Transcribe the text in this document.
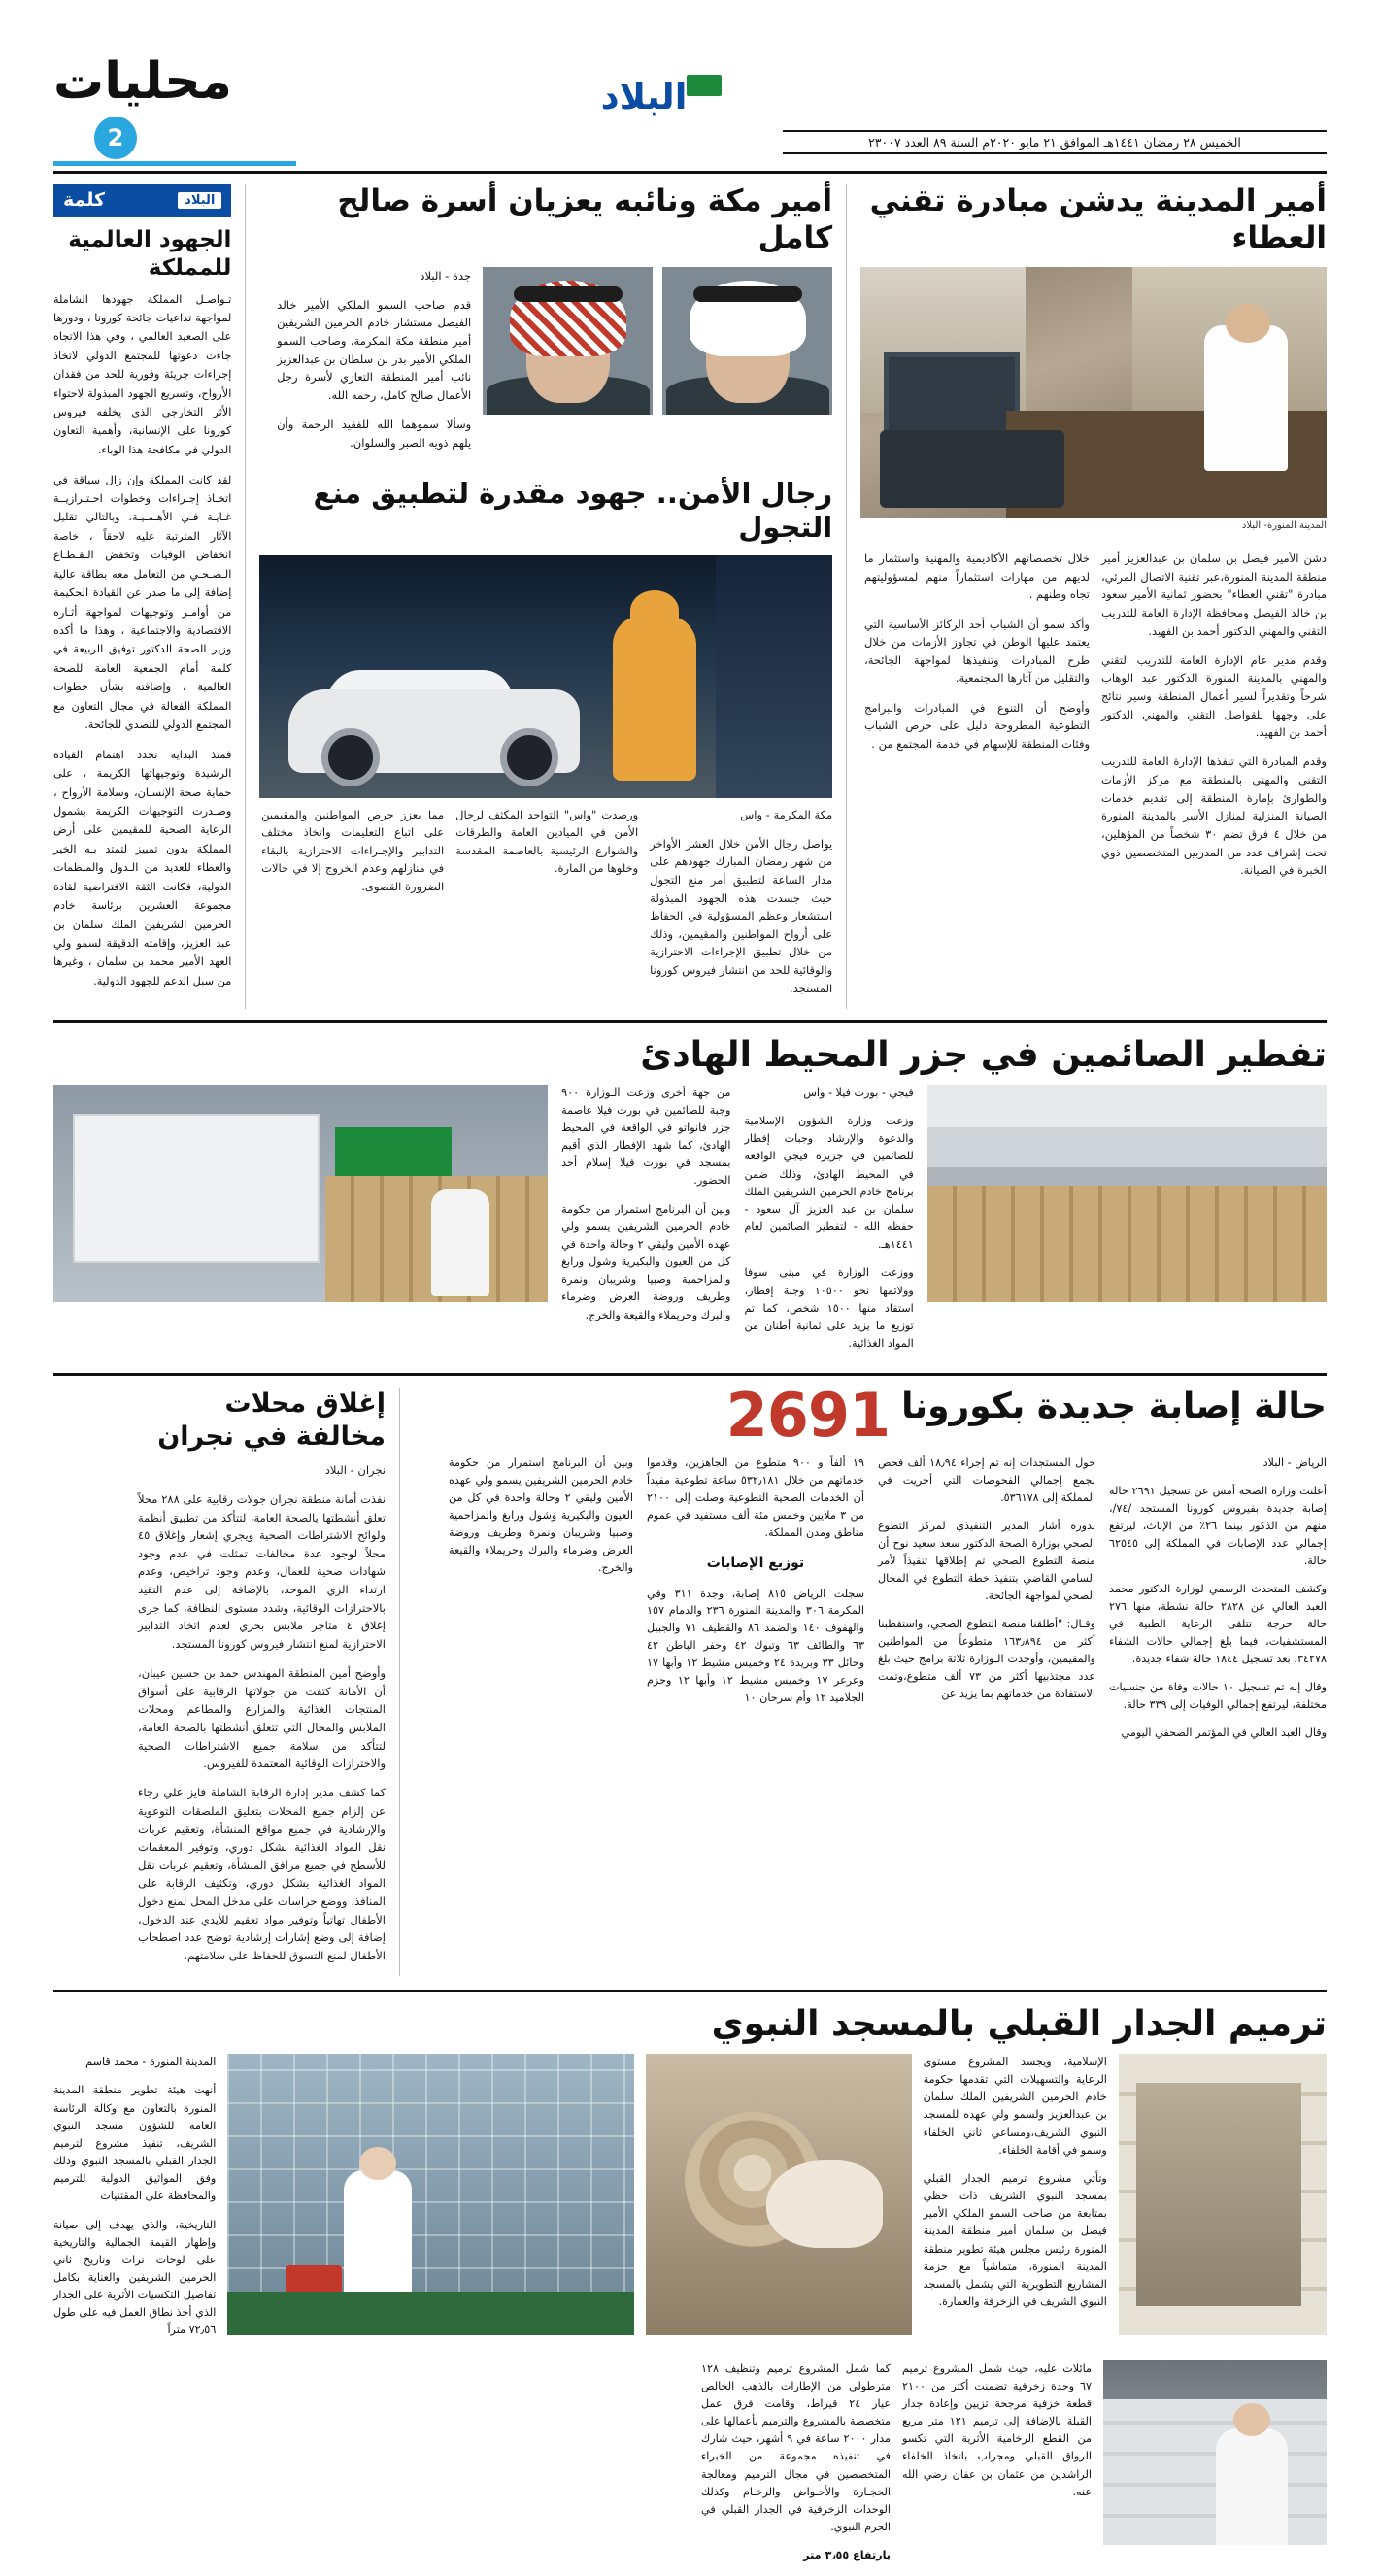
البلاد
محليات
2	الخميس ٢٨ رمضان ١٤٤١هـ الموافق ٢١ مايو ٢٠٢٠م السنة ٨٩ العدد ٢٣٠٠٧
أمير المدينة يدشن مبادرة تقني العطاء
المدينة المنورة- البلاد

دشن الأمير فيصل بن سلمان بن عبدالعزيز أمير منطقة المدينة المنورة،عبر تقنية الاتصال المرئي، مبادرة "تقني العطاء" بحضور ثمانية الأمير سعود بن خالد الفيصل ومحافظة الإدارة العامة للتدريب التقني والمهني الدكتور أحمد بن الفهيد.

وقدم مدير عام الإدارة العامة للتدريب التقني والمهني بالمدينة المنورة الدكتور عبد الوهاب شرحاً وتقديراً لسير أعمال المنطقة وسير نتائج على وجهها للقواصل التقني والمهني الدكتور أحمد بن الفهيد.

وقدم المبادرة التي تنفذها الإدارة العامة للتدريب التقني والمهني بالمنطقة مع مركز الأزمات والطوارئ بإمارة المنطقة إلى تقديم خدمات الصيانة المنزلية لمنازل الأسر بالمدينة المنورة من خلال ٤ فرق تضم ٣٠ شخصاً من المؤهلين، تحت إشراف عدد من المدربين المتخصصين ذوي الخبرة في الصيانة.

خلال تخصصاتهم الأكاديمية والمهنية واستثمار ما لديهم من مهارات استثماراً منهم لمسؤوليتهم تجاه وطنهم .

وأكد سمو أن الشباب أحد الركائز الأساسية التي يعتمد عليها الوطن في تجاوز الأزمات من خلال طرح المبادرات وتنفيذها لمواجهة الجائحة، والتقليل من آثارها المجتمعية.

وأوضح أن التنوع في المبادرات والبرامج التطوعية المطروحة دليل على حرص الشباب وفئات المنطقة للإسهام في خدمة المجتمع من .

أمير مكة ونائبه يعزيان أسرة صالح كامل

جدة - البلاد

قدم صاحب السمو الملكي الأمير خالد الفيصل مستشار خادم الحرمين الشريفين أمير منطقة مكة المكرمة، وصاحب السمو الملكي الأمير بدر بن سلطان بن عبدالعزيز نائب أمير المنطقة التعازي لأسرة رجل الأعمال صالح كامل، رحمه الله.

وسألا سموهما الله للفقيد الرحمة وأن يلهم ذويه الصبر والسلوان.

رجال الأمن.. جهود مقدرة لتطبيق منع التجول

مكة المكرمة - واس

يواصل رجال الأمن خلال العشر الأواخر من شهر رمضان المبارك جهودهم على مدار الساعة لتطبيق أمر منع التجول حيث جسدت هذه الجهود المبذولة استشعار وعظم المسؤولية في الحفاظ على أرواح المواطنين والمقيمين، وذلك من خلال تطبيق الإجراءات الاحترازية والوقائية للحد من انتشار فيروس كورونا المستجد.

ورصدت "واس" التواجد المكثف لرجال الأمن في الميادين العامة والطرقات والشوارع الرئيسية بالعاصمة المقدسة وخلوها من المارة.

مما يعزز حرص المواطنين والمقيمين على اتباع التعليمات واتخاذ مختلف التدابير والإجـراءات الاحترازية بالبقاء في منازلهم وعدم الخروج إلا في حالات الضرورة القصوى.

البلاد
كلمة
الجهود العالمية للمملكة

تـواصـل المملكة جهودها الشاملة لمواجهة تداعيات جائحة كورونا ، ودورها على الصعيد العالمي ، وفي هذا الاتجاه جاءت دعوتها للمجتمع الدولي لاتخاذ إجراءات جريئة وفورية للحد من فقدان الأرواح، وتسريع الجهود المبذولة لاحتواء الأثر التخارجي الذي يخلفه فيروس كورونا على الإنسانية، وأهمية التعاون الدولي في مكافحة هذا الوباء.

لقد كانت المملكة وإن زال سباقة في اتخـاذ إجـراءات وخطوات احـتـرازيــة غـايـة فـي الأهـمـيـة، وبالتالي تقليل الآثار المترتبة عليه لاحقاً ، خاصة انخفاض الوفيات وتخفض الـقـطـاع الـصـحـي من التعامل معه بطاقة عالية إضافة إلى ما صدر عن القيادة الحكيمة من أوامـر وتوجيهات لمواجهة أثـاره الاقتصادية والاجتماعية ، وهذا ما أكده وزير الصحة الدكتور توفيق الربيعة في كلمة أمام الجمعية العامة للصحة العالمية ، وإضافته بشأن خطوات المملكة الفعالة في مجال التعاون مع المجتمع الدولي للتصدي للجائحة.

فمنذ البداية تجدد اهتمام القيادة الرشيدة وتوجيهاتها الكريمة ، على حماية صحة الإنسـان، وسلامة الأرواح ، وصـدرت التوجيهات الكريمة بشمول الرعاية الصحية للمقيمين على أرض المملكة بدون تمييز لتمتد بـه الخير والعطاء للعديد من الـدول والمنظمات الدولية، فكانت الثقة الافتراضية لقادة مجموعة العشرين برئاسة خادم الحرمين الشريفين الملك سلمان بن عبد العزيز، وإقامته الدقيقة لسمو ولي العهد الأمير محمد بن سلمان ، وغيرها من سبل الدعم للجهود الدولية.

تفطير الصائمين في جزر المحيط الهادئ

فيجي - بورت فيلا - واس

وزعت وزارة الشؤون الإسلامية والدعوة والإرشاد وجبات إفطار للصائمين في جزيرة فيجي الواقعة في المحيط الهادئ، وذلك ضمن برنامج خادم الحرمين الشريفين الملك سلمان بن عبد العزيز آل سعود - حفظه الله - لتفطير الصائمين لعام ١٤٤١هـ.

ووزعت الوزارة في مبنى سوفا وولائمها نحو ١٠٥٠٠ وجبة إفطار، استفاد منها ١٥٠٠ شخص، كما تم توزيع ما يزيد على ثمانية أطنان من المواد الغذائية.

من جهة أخرى وزعت الـوزارة ٩٠٠ وجبة للصائمين في بورت فيلا عاصمة جزر فانواتو في الواقعة في المحيط الهادئ، كما شهد الإفطار الذي أقيم بمسجد في بورت فيلا إسلام أحد الحضور.

وبين أن البرنامج استمرار من حكومة خادم الحرمين الشريفين يسمو ولي عهده الأمين وليقي ٢ وحالة واحدة في كل من العيون والبكيرية وشول ورابغ والمزاحمية وصبيا وشريبان ونمرة وطريف وروضة العرض وضرماء والبرك وحريملاء والقيعة والخرج.

حالة إصابة جديدة بكورونا
2691

الرياض - البلاد

أعلنت وزارة الصحة أمس عن تسجيل ٢٦٩١ حالة إصابة جديدة بفيروس كورونا المستجد /٧٤/، منهم من الذكور بينما ٢٦٪ من الإناث، ليرتفع إجمالي عدد الإصابات في المملكة إلى ٦٢٥٤٥ حالة.

وكشف المتحدث الرسمي لوزارة الدكتور محمد العبد العالي عن ٢٨٢٨ حالة نشطة، منها ٢٧٦ حالة حرجة تتلقى الرعاية الطبية في المستشفيات، فيما بلغ إجمالي حالات الشفاء ٣٤٢٧٨، بعد تسجيل ١٨٤٤ حالة شفاء جديدة.

وقال إنه تم تسجيل ١٠ حالات وفاة من جنسيات مختلفة، ليرتفع إجمالي الوفيات إلى ٣٣٩ حالة.

وقال العبد العالي في المؤتمر الصحفي اليومي

حول المستجدات إنه تم إجراء ١٨٫٩٤ ألف فحص لجمع إجمالي الفحوصات التي أجريت في المملكة إلى ٥٣٦١٧٨.

بدوره أشار المدير التنفيذي لمركز التطوع الصحي بوزارة الصحة الدكتور سعد سعيد نوح أن منصة التطوع الصحي تم إطلاقها تنفيذاً لأمر السامي القاضي بتنفيذ خطة التطوع في المجال الصحي لمواجهة الجائحة.

وقـال: "أطلقنا منصة التطوع الصحي، واستقطبنا أكثر من ١٦٣٫٨٩٤ متطوعاً من المواطنين والمقيمين، وأوجدت الـوزارة ثلاثة برامج حيث بلغ عدد مجتذبيها أكثر من ٧٣ ألف متطوع،وتمت الاستفادة من خدماتهم بما يزيد عن

١٩ ألفاً و ٩٠٠ متطوع من الجاهزين، وقدموا خدماتهم من خلال ٥٣٢٫١٨١ ساعة تطوعية مفيداً أن الخدمات الصحية التطوعية وصلت إلى ٢١٠٠ من ٣ ملايين وخمس مئة ألف مستفيد في عموم مناطق ومدن المملكة.

توزيع الإصابات

سجلت الرياض ٨١٥ إصابة، وجدة ٣١١ وفي المكرمة ٣٠٦ والمدينة المنورة ٢٣٦ والدمام ١٥٧ والهفوف ١٤٠ والضمد ٨٦ والقطيف ٧١ والجبيل ٦٣ والطائف ٦٣ وتبوك ٤٢ وحفر الباطن ٤٢ وحائل ٣٣ وبريدة ٢٤ وخميس مشيط ١٢ وأبها ١٧ وعرعر ١٧ وخميس مشيط ١٢ وأبها ١٢ وحزم الجلاميد ١٢ وأم سرحان ١٠

وبين أن البرنامج استمرار من حكومة خادم الحرمين الشريفين يسمو ولي عهده الأمين وليقي ٢ وحالة واحدة في كل من العيون والبكيرية وشول ورابغ والمزاحمية وصبيا وشريبان ونمرة وطريف وروضة العرض وضرماء والبرك وحريملاء والقيعة والخرج.

إغلاق محلات مخالفة في نجران

نجران - البلاد

نفذت أمانة منطقة نجران جولات رقابية على ٢٨٨ محلاً تعلق أنشطتها بالصحة العامة، لتتأكد من تطبيق أنظمة ولوائح الاشتراطات الصحية ويجري إشعار وإغلاق ٤٥ محلاً لوجود عدة مخالفات تمثلت في عدم وجود شهادات صحية للعمال، وعدم وجود تراخيص، وعدم ارتداء الزي الموحد، بالإضافة إلى عدم التقيد بالاحترازات الوقائية، وشدد مستوى النظافة، كما جرى إغلاق ٤ متاجر ملابس بحري لعدم اتخاذ التدابير الاحترازية لمنع انتشار فيروس كورونا المستجد.

وأوضح أمين المنطقة المهندس حمد بن حسين عيبان، أن الأمانة كثفت من جولاتها الرقابية على أسواق المنتجات الغذائية والمزارع والمطاعم ومحلات الملابس والمحال التي تتعلق أنشطتها بالصحة العامة، لتتأكد من سلامة جميع الاشتراطات الصحية والاحترازات الوقائية المعتمدة للفيروس.

كما كشف مدير إدارة الرقابة الشاملة فايز علي رجاء عن إلزام جميع المحلات بتعليق الملصقات التوعوية والإرشادية في جميع مواقع المنشأة، وتعقيم عربات نقل المواد الغذائية بشكل دوري، وتوفير المعقمات للأسطح في جميع مرافق المنشأة، وتعقيم عربات نقل المواد الغذائية بشكل دوري، وتكثيف الرقابة على المنافذ، ووضع حراسات على مدخل المحل لمنع دخول الأطفال تهاتياً وتوفير مواد تعقيم للأيدي عند الدخول، إضافة إلى وضع إشارات إرشادية توضح عدد اصطحاب الأطفال لمنع التسوق للحفاظ على سلامتهم.

ترميم الجدار القبلي بالمسجد النبوي

الإسلامية، ويجسد المشروع مستوى الرعاية والتسهيلات التي تقدمها حكومة خادم الحرمين الشريفين الملك سلمان بن عبدالعزيز ولسمو ولي عهده للمسجد النبوي الشريف،ومساعي ثاني الخلفاء وسمو في أقامة الخلفاء.

وتأتي مشروع ترميم الجدار القبلي بمسجد النبوي الشريف ذات حظي بمتابعة من صاحب السمو الملكي الأمير فيصل بن سلمان أمير منطقة المدينة المنورة رئيس مجلس هيئة تطوير منطقة المدينة المنورة، متماشياً مع حزمة المشاريع التطويرية التي يشمل بالمسجد النبوي الشريف في الزخرفة والعمارة.

المدينة المنورة - محمد قاسم

أنهت هيئة تطوير منطقة المدينة المنورة بالتعاون مع وكالة الرئاسة العامة للشؤون مسجد النبوي الشريف، تنفيذ مشروع لترميم الجدار القبلي بالمسجد النبوي وذلك وفق المواثيق الدولية للترميم والمحافظة على المقتنيات

التاريخية، والذي يهدف إلى صيانة وإظهار القيمة الجمالية والتاريخية على لوحات تراث وتاريخ ثاني الحرمين الشريفين والعناية بكامل تفاصيل التكسيات الأثرية على الجدار الذي أخذ نطاق العمل فيه على طول ٧٢٫٥٦ متراً

مائلات عليه، حيث شمل المشروع ترميم ٦٧ وحدة زخرفية تضمنت أكثر من ٢١٠٠ قطعة خزفية مرجحة تزيين وإعادة جدار القبلة بالإضافة إلى ترميم ١٢١ متر مربع من القطع الرخامية الأثرية التي تكسو الرواق القبلي ومجراب باتخاذ الخلفاء الراشدين من عثمان بن عفان رضي الله عنه.

كما شمل المشروع ترميم وتنظيف ١٢٨ مترطولي من الإطارات بالذهب الخالص عيار ٢٤ قيراط، وقامت فرق عمل متخصصة بالمشروع والترميم بأعمالها على مدار ٢٠٠٠ ساعة في ٩ أشهر، حيث شارك في تنفيذه مجموعة من الخبراء المتخصصين في مجال الترميم ومعالجة الحجـارة والأحـواض والرخـام وكذلك الوحدات الزخرفية في الجدار القبلي في الحرم النبوي.

بارتفاع ٣٫٥٥ متر
